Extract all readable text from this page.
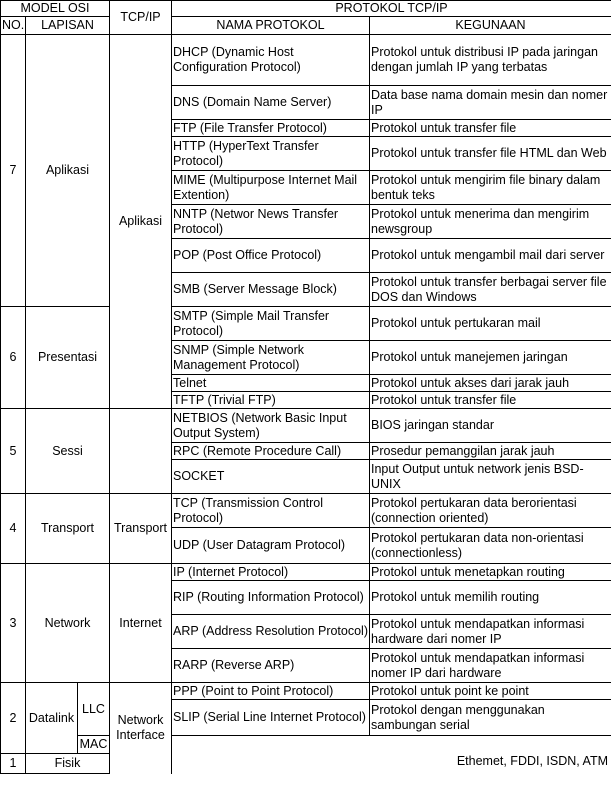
MODEL OSI			TCP/IP	PROTOKOL TCP/IP	
NO.	LAPISAN			NAMA PROTOKOL	KEGUNAAN
7	Aplikasi		Aplikasi	DHCP (Dynamic Host Configuration Protocol)	Protokol untuk distribusi IP pada jaringan dengan jumlah IP yang terbatas
				DNS (Domain Name Server)	Data base nama domain mesin dan nomer IP
				FTP (File Transfer Protocol)	Protokol untuk transfer file
				HTTP (HyperText Transfer Protocol)	Protokol untuk transfer file HTML dan Web
				MIME (Multipurpose Internet Mail Extention)	Protokol untuk mengirim file binary dalam bentuk teks
				NNTP (Networ News Transfer Protocol)	Protokol untuk menerima dan mengirim newsgroup
				POP (Post Office Protocol)	Protokol untuk mengambil mail dari server
				SMB (Server Message Block)	Protokol untuk transfer berbagai server file DOS dan Windows
6	Presentasi			SMTP (Simple Mail Transfer Protocol)	Protokol untuk pertukaran mail
				SNMP (Simple Network Management Protocol)	Protokol untuk manejemen jaringan
				Telnet	Protokol untuk akses dari jarak jauh
				TFTP (Trivial FTP)	Protokol untuk transfer file
5	Sessi			NETBIOS (Network Basic Input Output System)	BIOS jaringan standar
				RPC (Remote Procedure Call)	Prosedur pemanggilan jarak jauh
				SOCKET	Input Output untuk network jenis BSD-UNIX
4	Transport		Transport	TCP (Transmission Control Protocol)	Protokol pertukaran data berorientasi (connection oriented)
				UDP (User Datagram Protocol)	Protokol pertukaran data non-orientasi (connectionless)
3	Network		Internet	IP (Internet Protocol)	Protokol untuk menetapkan routing
				RIP (Routing Information Protocol)	Protokol untuk memilih routing
				ARP (Address Resolution Protocol)	Protokol untuk mendapatkan informasi hardware dari nomer IP
				RARP (Reverse ARP)	Protokol untuk mendapatkan informasi nomer IP dari hardware
2	Datalink	LLC	Network Interface	PPP (Point to Point Protocol)	Protokol untuk point ke point
				SLIP (Serial Line Internet Protocol)	Protokol dengan menggunakan sambungan serial
		MAC			
1	Fisik					Ethemet, FDDI, ISDN, ATM
